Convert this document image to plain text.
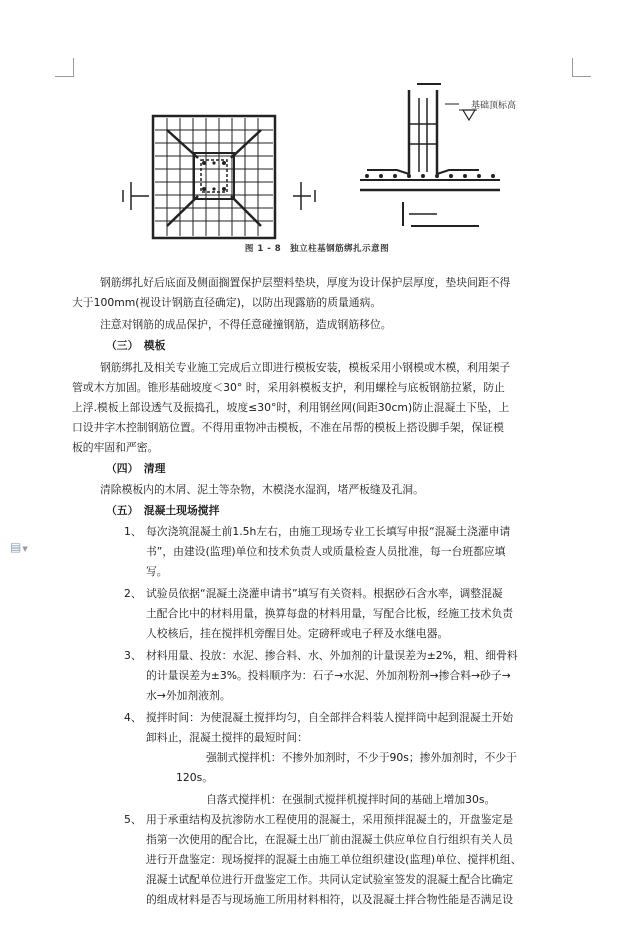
▤▼
基础顶标高
图 1 - 8　独立柱基钢筋绑扎示意图
钢筋绑扎好后底面及侧面搁置保护层塑料垫块，厚度为设计保护层厚度，垫块间距不得
大于100mm(视设计钢筋直径确定)，以防出现露筋的质量通病。
注意对钢筋的成品保护，不得任意碰撞钢筋，造成钢筋移位。
（三）　模板
钢筋绑扎及相关专业施工完成后立即进行模板安装，模板采用小钢模或木模，利用架子
管或木方加固。锥形基础坡度＜30° 时，采用斜模板支护，利用螺栓与底板钢筋拉紧，防止
上浮.模板上部设透气及振捣孔，坡度≤30°时，利用钢丝网(间距30cm)防止混凝土下坠，上
口设井字木控制钢筋位置。不得用重物冲击模板，不准在吊帮的模板上搭设脚手架，保证模
板的牢固和严密。
（四）　清理
清除模板内的木屑、泥土等杂物，木模浇水湿润，堵严板缝及孔洞。
（五）　混凝土现场搅拌
1、 每次浇筑混凝土前1.5h左右，由施工现场专业工长填写申报“混凝土浇灌申请
书”，由建设(监理)单位和技术负责人或质量检查人员批准，每一台班都应填
写。
2、 试验员依据“混凝土浇灌申请书”填写有关资料。根据砂石含水率，调整混凝
土配合比中的材料用量，换算每盘的材料用量，写配合比板，经施工技术负责
人校核后，挂在搅拌机旁醒目处。定磅秤或电子秤及水继电器。
3、 材料用量、投放：水泥、掺合料、水、外加剂的计量误差为±2%，粗、细骨料
的计量误差为±3%。投料顺序为：石子→水泥、外加剂粉剂→掺合料→砂子→
水→外加剂液剂。
4、 搅拌时间：为使混凝土搅拌均匀，自全部拌合料装人搅拌筒中起到混凝土开始
卸料止，混凝土搅拌的最短时间：
强制式搅拌机：不掺外加剂时，不少于90s；掺外加剂时，不少于
120s。
自落式搅拌机：在强制式搅拌机搅拌时间的基础上增加30s。
5、 用于承重结构及抗渗防水工程使用的混凝土，采用预拌混凝土的，开盘鉴定是
指第一次使用的配合比，在混凝土出厂前由混凝土供应单位自行组织有关人员
进行开盘鉴定：现场搅拌的混凝土由施工单位组织建设(监理)单位、搅拌机组、
混凝土试配单位进行开盘鉴定工作。共同认定试验室签发的混凝土配合比确定
的组成材料是否与现场施工所用材料相符，以及混凝土拌合物性能是否满足设
